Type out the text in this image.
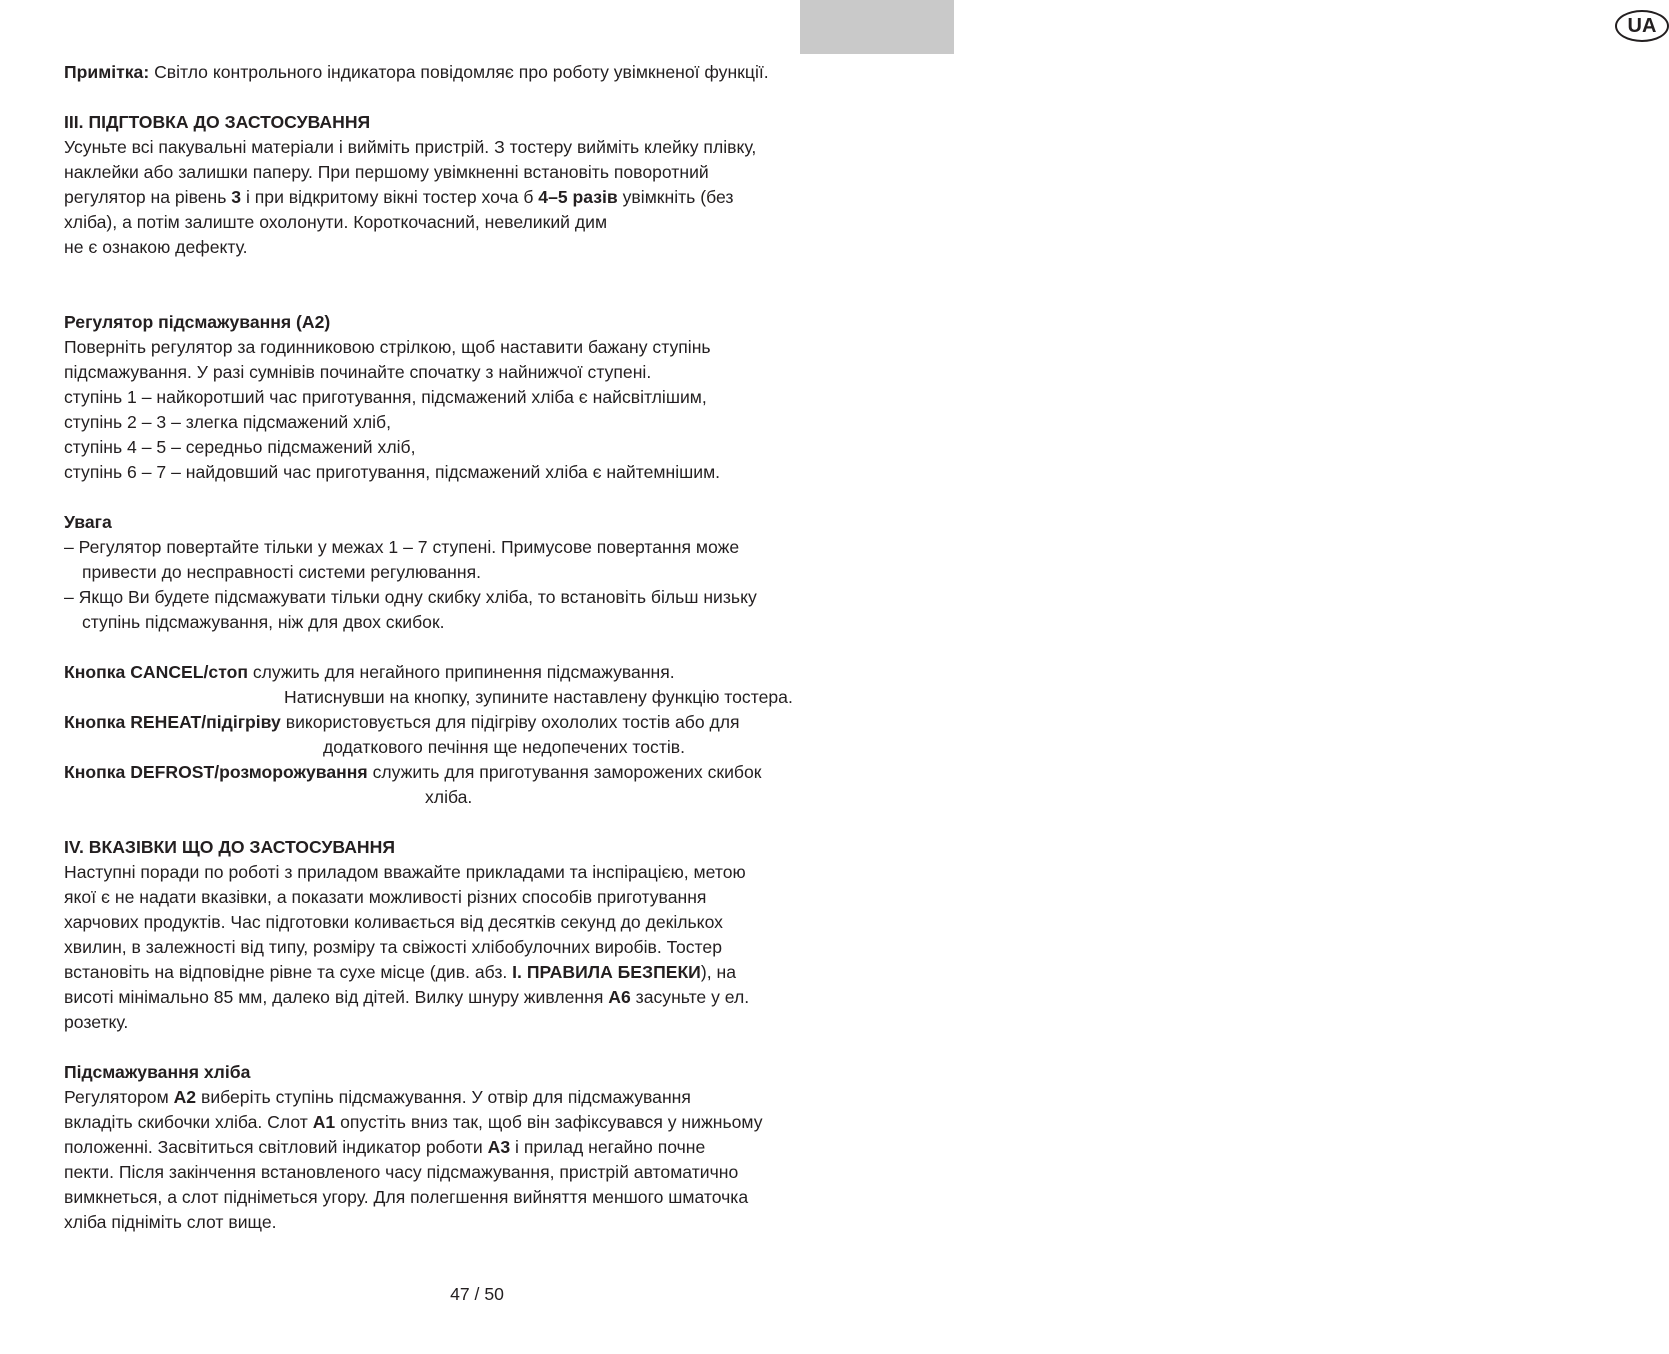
UA
Примітка: Світло контрольного індикатора повідомляє про роботу увімкненої функції.
III. ПІДГТОВКА ДО ЗАСТОСУВАННЯ
Усуньте всі пакувальні матеріали і вийміть пристрій. З тостеру вийміть клейку плівку,
наклейки або залишки паперу. При першому увімкненні встановіть поворотний
регулятор на рівень 3 і при відкритому вікні тостер хоча б 4–5 разів увімкніть (без
хліба), а потім залиште охолонути. Короткочасний, невеликий дим
не є ознакою дефекту.
Регулятор підсмажування (A2)
Поверніть регулятор за годинниковою стрілкою, щоб наставити бажану ступінь
підсмажування. У разі сумнівів починайте спочатку з найнижчої ступені.
ступінь 1 – найкоротший час приготування, підсмажений хліба є найсвітлішим,
ступінь 2 – 3 – злегка підсмажений хліб,
ступінь 4 – 5 – середньо підсмажений хліб,
ступінь 6 – 7 – найдовший час приготування, підсмажений хліба є найтемнішим.
Увага
– Регулятор повертайте тільки у межах 1 – 7 ступені. Примусове повертання може
привести до несправності системи регулювання.
– Якщо Ви будете підсмажувати тільки одну скибку хліба, то встановіть більш низьку
ступінь підсмажування, ніж для двох скибок.
Кнопка CANCEL/стоп служить для негайного припинення підсмажування.
Натиснувши на кнопку, зупините наставлену функцію тостера.
Кнопка REHEAT/підігріву використовується для підігріву охололих тостів або для
додаткового печіння ще недопечених тостів.
Кнопка DEFROST/розморожування служить для приготування заморожених скибок
хліба.
IV. ВКАЗІВКИ ЩО ДО ЗАСТОСУВАННЯ
Наступні поради по роботі з приладом вважайте прикладами та інспірацією, метою
якої є не надати вказівки, а показати можливості різних способів приготування
харчових продуктів. Час підготовки коливається від десятків секунд до декількох
хвилин, в залежності від типу, розміру та свіжості хлібобулочних виробів. Тостер
встановіть на відповідне рівне та сухе місце (див. абз. I. ПРАВИЛА БЕЗПЕКИ), на
висоті мінімально 85 мм, далеко від дітей. Вилку шнуру живлення A6 засуньте у ел.
розетку.
Підсмажування хліба
Регулятором A2 виберіть ступінь підсмажування. У отвір для підсмажування
вкладіть скибочки хліба. Слот A1 опустіть вниз так, щоб він зафіксувався у нижньому
положенні. Засвітиться світловий індикатор роботи A3 і прилад негайно почне
пекти. Після закінчення встановленого часу підсмажування, пристрій автоматично
вимкнеться, а слот підніметься угору. Для полегшення вийняття меншого шматочка
хліба підніміть слот вище.
47 / 50
